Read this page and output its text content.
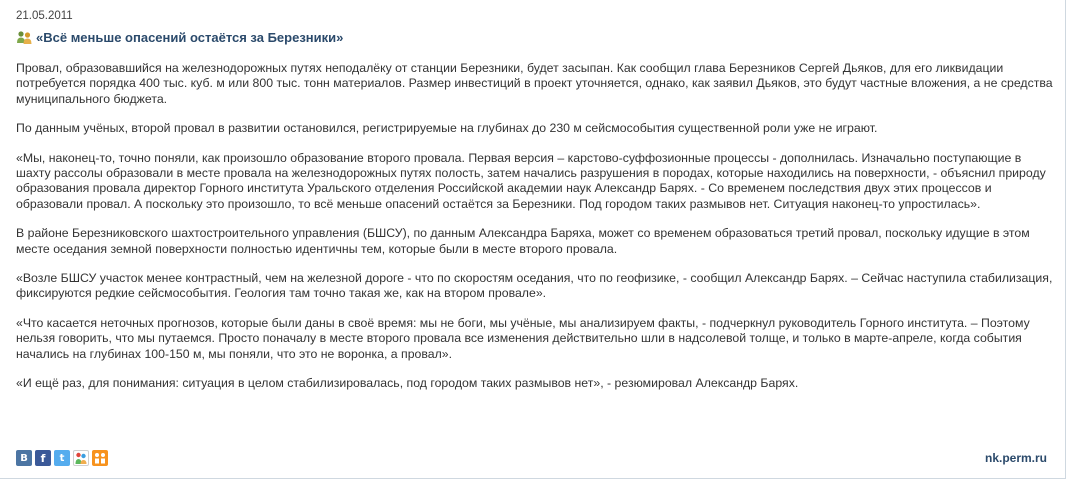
21.05.2011
«Всё меньше опасений остаётся за Березники»

Провал, образовавшийся на железнодорожных путях неподалёку от станции Березники, будет засыпан. Как сообщил глава Березников Сергей Дьяков, для его ликвидации потребуется порядка 400 тыс. куб. м или 800 тыс. тонн материалов. Размер инвестиций в проект уточняется, однако, как заявил Дьяков, это будут частные вложения, а не средства муниципального бюджета.

По данным учёных, второй провал в развитии остановился, регистрируемые на глубинах до 230 м сейсмособытия существенной роли уже не играют.

«Мы, наконец-то, точно поняли, как произошло образование второго провала. Первая версия – карстово-суффозионные процессы - дополнилась. Изначально поступающие в шахту рассолы образовали в месте провала на железнодорожных путях полость, затем начались разрушения в породах, которые находились на поверхности, - объяснил природу образования провала директор Горного института Уральского отделения Российской академии наук Александр Барях. - Со временем последствия двух этих процессов и образовали провал. А поскольку это произошло, то всё меньше опасений остаётся за Березники. Под городом таких размывов нет. Ситуация наконец-то упростилась».

В районе Березниковского шахтостроительного управления (БШСУ), по данным Александра Баряха, может со временем образоваться третий провал, поскольку идущие в этом месте оседания земной поверхности полностью идентичны тем, которые были в месте второго провала.

«Возле БШСУ участок менее контрастный, чем на железной дороге - что по скоростям оседания, что по геофизике, - сообщил Александр Барях. – Сейчас наступила стабилизация, фиксируются редкие сейсмособытия. Геология там точно такая же, как на втором провале».

«Что касается неточных прогнозов, которые были даны в своё время: мы не боги, мы учёные, мы анализируем факты, - подчеркнул руководитель Горного института. – Поэтому нельзя говорить, что мы путаемся. Просто поначалу в месте второго провала все изменения действительно шли в надсолевой толще, и только в марте-апреле, когда события начались на глубинах 100-150 м, мы поняли, что это не воронка, а провал».

«И ещё раз, для понимания: ситуация в целом стабилизировалась, под городом таких размывов нет», - резюмировал Александр Барях.

B	f	t	nk.perm.ru
